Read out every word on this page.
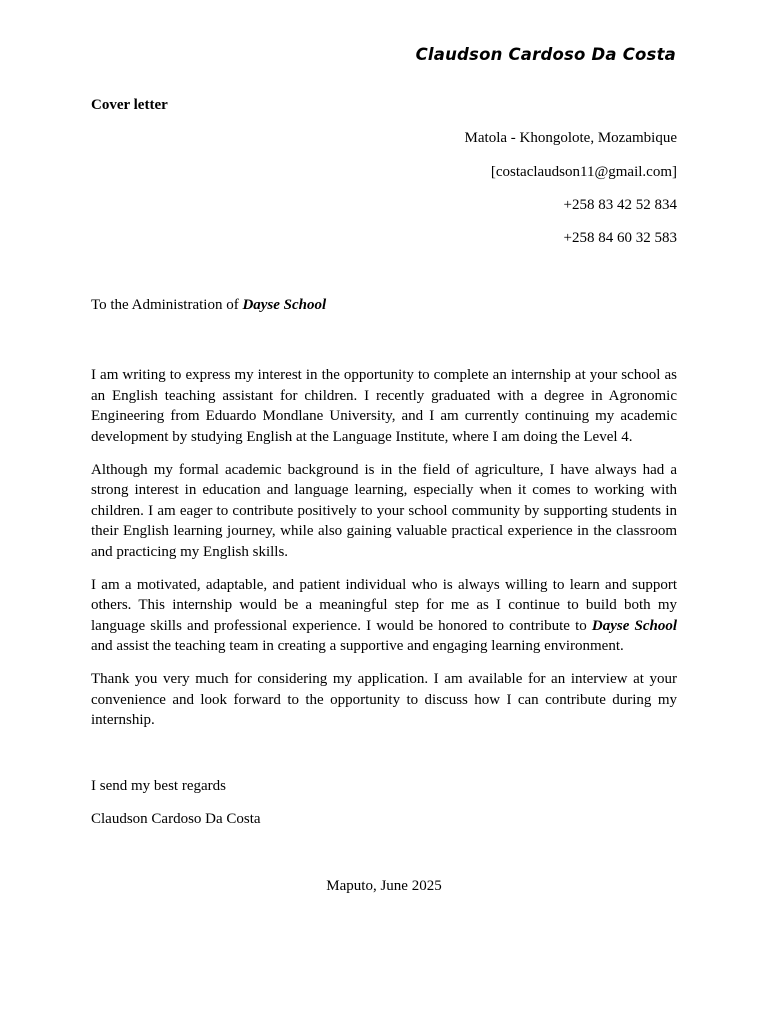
Claudson Cardoso Da Costa
Cover letter
Matola - Khongolote, Mozambique
[costaclaudson11@gmail.com]
+258 83 42 52 834
+258 84 60 32 583
To the Administration of Dayse School

I am writing to express my interest in the opportunity to complete an internship at your school as an English teaching assistant for children. I recently graduated with a degree in Agronomic Engineering from Eduardo Mondlane University, and I am currently continuing my academic development by studying English at the Language Institute, where I am doing the Level 4.

Although my formal academic background is in the field of agriculture, I have always had a strong interest in education and language learning, especially when it comes to working with children. I am eager to contribute positively to your school community by supporting students in their English learning journey, while also gaining valuable practical experience in the classroom and practicing my English skills.

I am a motivated, adaptable, and patient individual who is always willing to learn and support others. This internship would be a meaningful step for me as I continue to build both my language skills and professional experience. I would be honored to contribute to Dayse School and assist the teaching team in creating a supportive and engaging learning environment.

Thank you very much for considering my application. I am available for an interview at your convenience and look forward to the opportunity to discuss how I can contribute during my internship.

I send my best regards
Claudson Cardoso Da Costa
Maputo, June 2025
